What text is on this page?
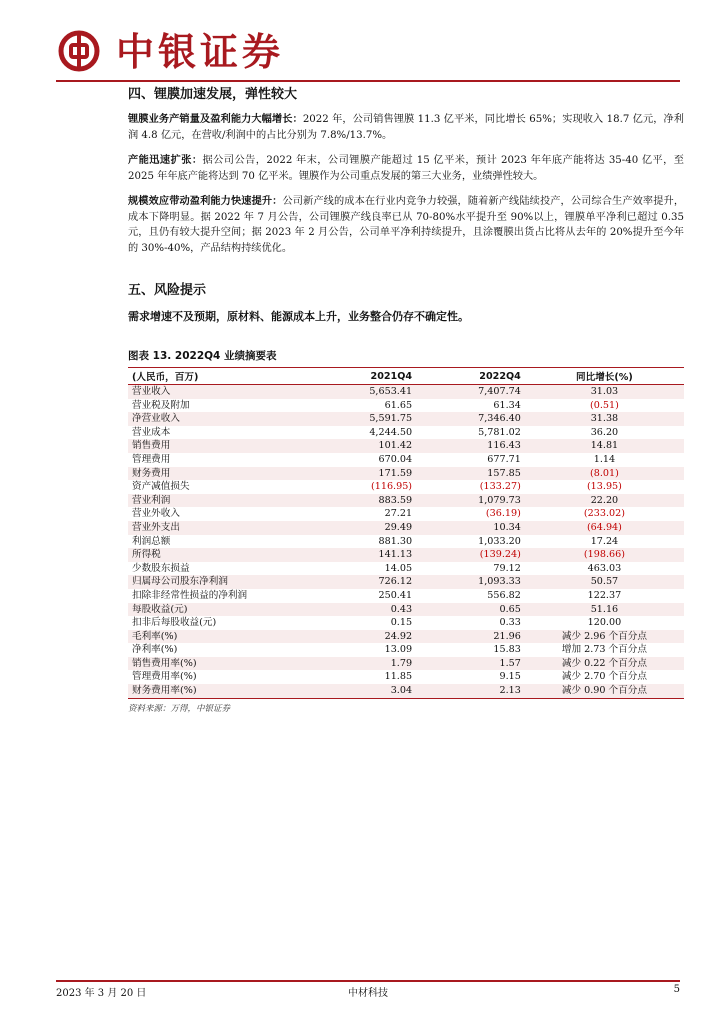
中银证券
四、锂膜加速发展，弹性较大

锂膜业务产销量及盈利能力大幅增长：2022 年，公司销售锂膜 11.3 亿平米，同比增长 65%；实现收入 18.7 亿元，净利润 4.8 亿元，在营收/利润中的占比分别为 7.8%/13.7%。

产能迅速扩张：据公司公告，2022 年末，公司锂膜产能超过 15 亿平米，预计 2023 年年底产能将达 35-40 亿平，至 2025 年年底产能将达到 70 亿平米。锂膜作为公司重点发展的第三大业务，业绩弹性较大。

规模效应带动盈利能力快速提升：公司新产线的成本在行业内竞争力较强，随着新产线陆续投产，公司综合生产效率提升，成本下降明显。据 2022 年 7 月公告，公司锂膜产线良率已从 70-80%水平提升至 90%以上，锂膜单平净利已超过 0.35 元，且仍有较大提升空间；据 2023 年 2 月公告，公司单平净利持续提升，且涂覆膜出货占比将从去年的 20%提升至今年的 30%-40%，产品结构持续优化。

五、风险提示

需求增速不及预期，原材料、能源成本上升，业务整合仍存不确定性。

图表 13. 2022Q4 业绩摘要表

(人民币，百万)	2021Q4	2022Q4	同比增长(%)
营业收入	5,653.41	7,407.74	31.03
营业税及附加	61.65	61.34	(0.51)
净营业收入	5,591.75	7,346.40	31.38
营业成本	4,244.50	5,781.02	36.20
销售费用	101.42	116.43	14.81
管理费用	670.04	677.71	1.14
财务费用	171.59	157.85	(8.01)
资产减值损失	(116.95)	(133.27)	(13.95)
营业利润	883.59	1,079.73	22.20
营业外收入	27.21	(36.19)	(233.02)
营业外支出	29.49	10.34	(64.94)
利润总额	881.30	1,033.20	17.24
所得税	141.13	(139.24)	(198.66)
少数股东损益	14.05	79.12	463.03
归属母公司股东净利润	726.12	1,093.33	50.57
扣除非经常性损益的净利润	250.41	556.82	122.37
每股收益(元)	0.43	0.65	51.16
扣非后每股收益(元)	0.15	0.33	120.00
毛利率(%)	24.92	21.96	减少 2.96 个百分点
净利率(%)	13.09	15.83	增加 2.73 个百分点
销售费用率(%)	1.79	1.57	减少 0.22 个百分点
管理费用率(%)	11.85	9.15	减少 2.70 个百分点
财务费用率(%)	3.04	2.13	减少 0.90 个百分点
资料来源：万得，中银证券
2023 年 3 月 20 日	中材科技	5
